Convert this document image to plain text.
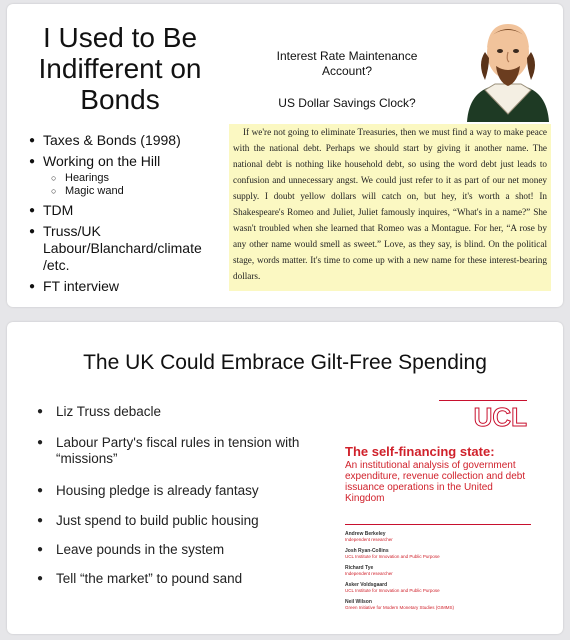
I Used to Be Indifferent on Bonds
● Taxes & Bonds (1998)
● Working on the Hill
○ Hearings
○ Magic wand
● TDM
● Truss/UK Labour/Blanchard/climate /etc.
● FT interview
Interest Rate Maintenance Account?
US Dollar Savings Clock?

If we're not going to eliminate Treasuries, then we must find a way to make peace with the national debt. Perhaps we should start by giving it another name. The national debt is nothing like household debt, so using the word debt just leads to confusion and unnecessary angst. We could just refer to it as part of our net money supply. I doubt yellow dollars will catch on, but hey, it's worth a shot! In Shakespeare's Romeo and Juliet, Juliet famously inquires, “What's in a name?” She wasn't troubled when she learned that Romeo was a Montague. For her, “A rose by any other name would smell as sweet.” Love, as they say, is blind. On the political stage, words matter. It's time to come up with a new name for these interest-bearing dollars.

The UK Could Embrace Gilt-Free Spending
● Liz Truss debacle
● Labour Party's fiscal rules in tension with “missions”
● Housing pledge is already fantasy
● Just spend to build public housing
● Leave pounds in the system
● Tell “the market” to pound sand
UCL
The self-financing state:
An institutional analysis of government expenditure, revenue collection and debt issuance operations in the United Kingdom
Andrew Berkeley
Independent researcher
Josh Ryan-Collins
UCL Institute for Innovation and Public Purpose
Richard Tye
Independent researcher
Asker Voldsgaard
UCL Institute for Innovation and Public Purpose
Neil Wilson
Green Initiative for Modern Monetary Studies (GIMMS)
